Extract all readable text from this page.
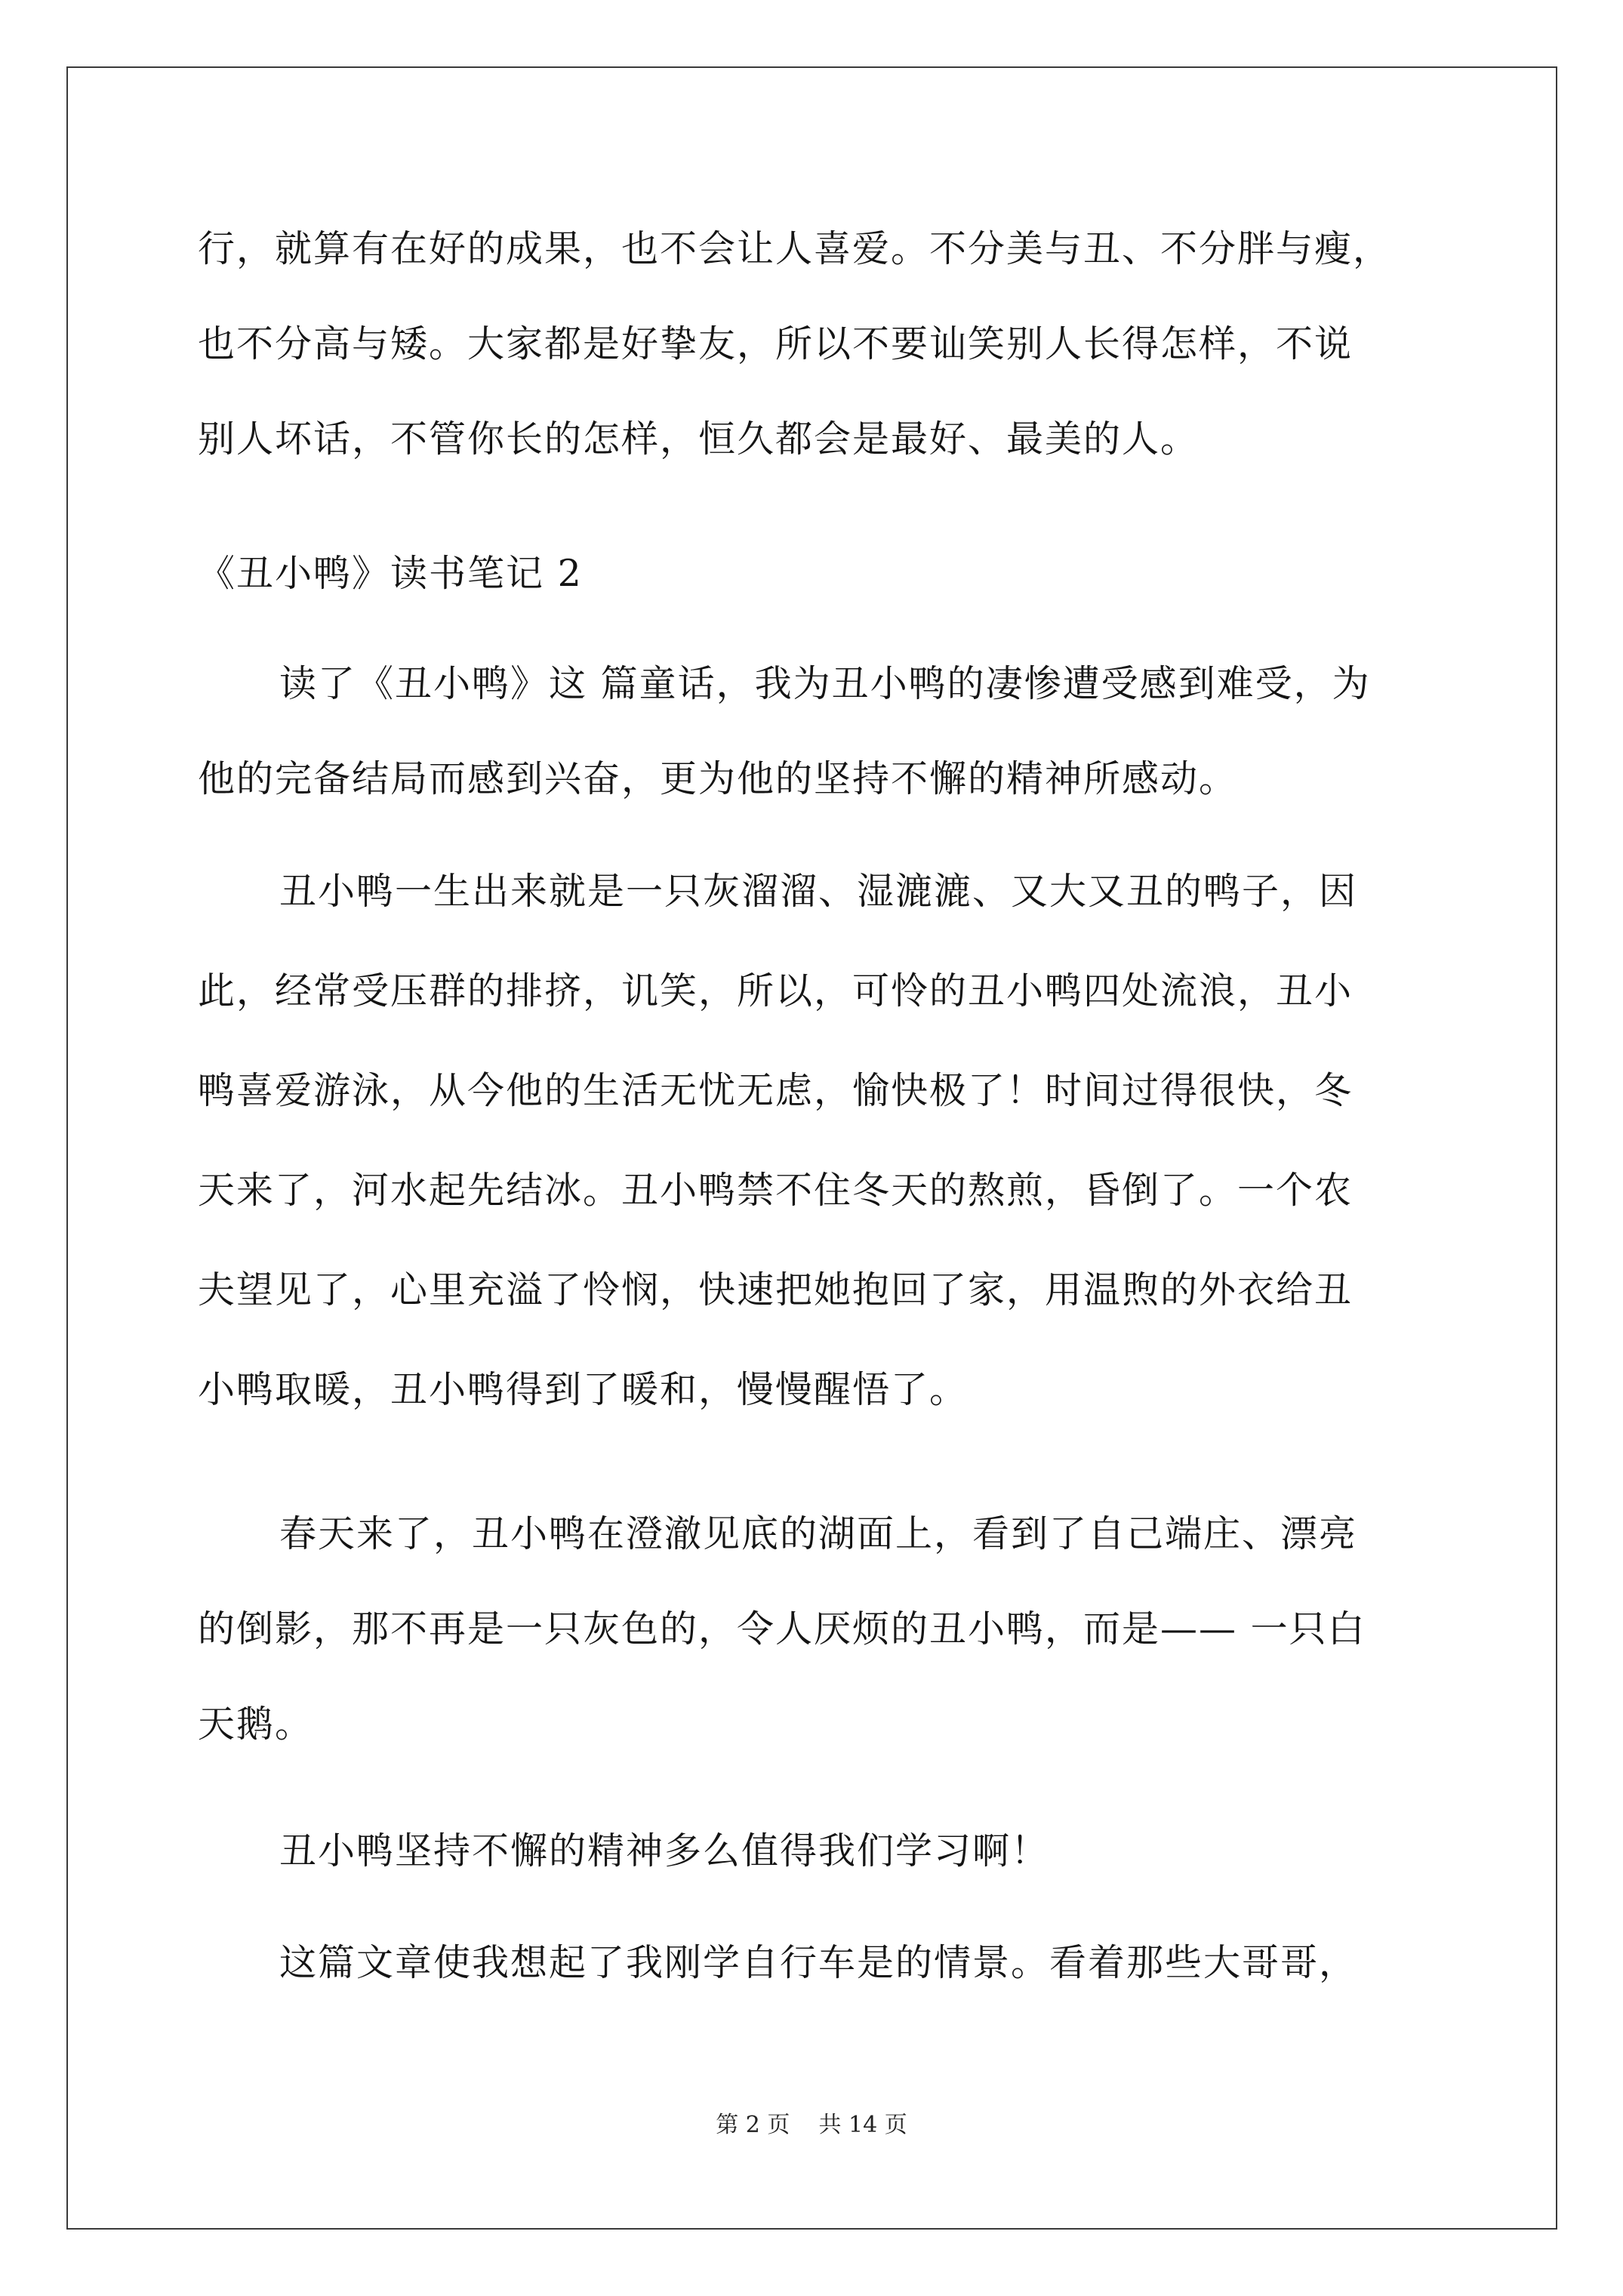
行，就算有在好的成果，也不会让人喜爱。不分美与丑、不分胖与瘦，
也不分高与矮。大家都是好挚友，所以不要讪笑别人长得怎样，不说
别人坏话，不管你长的怎样，恒久都会是最好、最美的人。
《丑小鸭》读书笔记 2
读了《丑小鸭》这 篇童话，我为丑小鸭的凄惨遭受感到难受，为
他的完备结局而感到兴奋，更为他的坚持不懈的精神所感动。
丑小鸭一生出来就是一只灰溜溜、湿漉漉、又大又丑的鸭子，因
此，经常受压群的排挤，讥笑，所以，可怜的丑小鸭四处流浪，丑小
鸭喜爱游泳，从今他的生活无忧无虑，愉快极了！时间过得很快，冬
天来了，河水起先结冰。丑小鸭禁不住冬天的熬煎，昏倒了。一个农
夫望见了，心里充溢了怜悯，快速把她抱回了家，用温煦的外衣给丑
小鸭取暖，丑小鸭得到了暖和，慢慢醒悟了。
春天来了，丑小鸭在澄澈见底的湖面上，看到了自己端庄、漂亮
的倒影，那不再是一只灰色的，令人厌烦的丑小鸭，而是—— 一只白
天鹅。
丑小鸭坚持不懈的精神多么值得我们学习啊！
这篇文章使我想起了我刚学自行车是的情景。看着那些大哥哥，
第 2 页    共 14 页
